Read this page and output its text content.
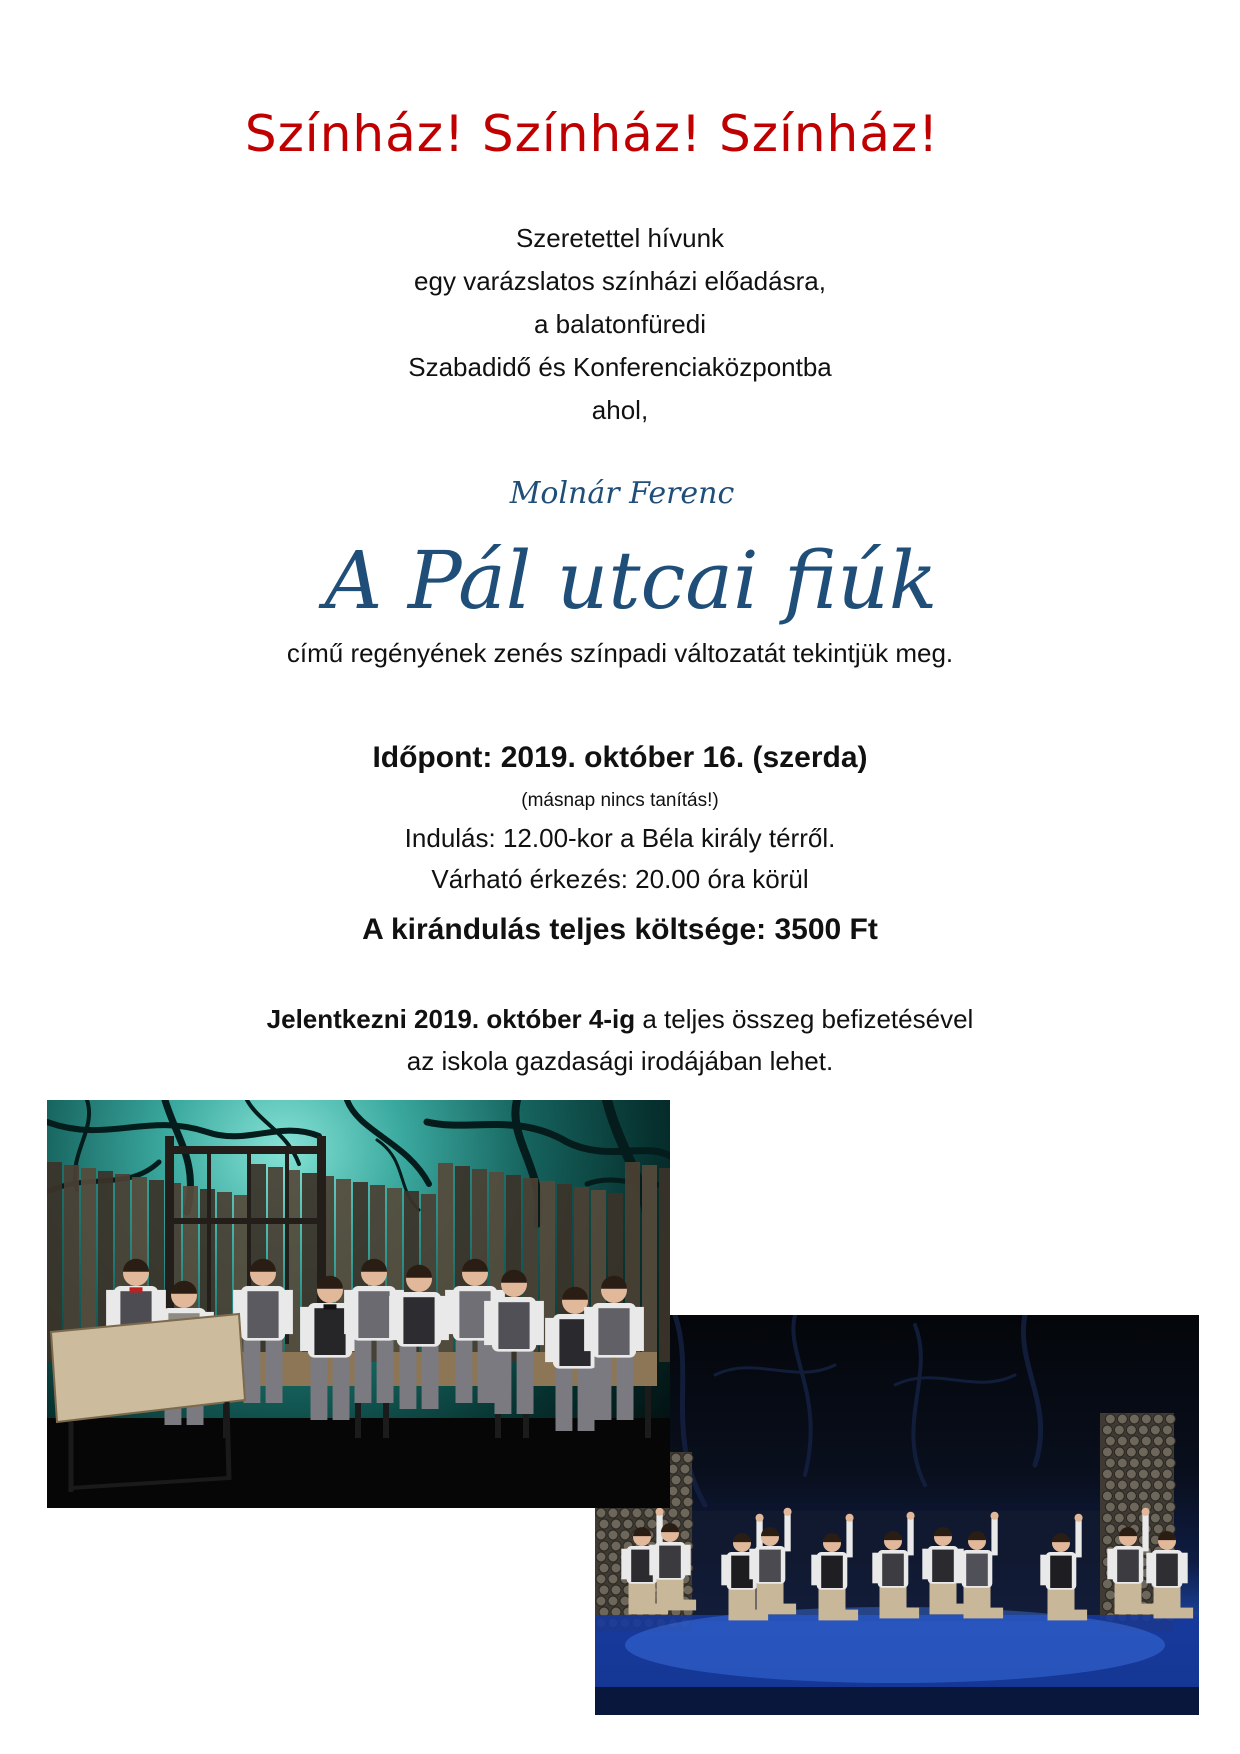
Színház! Színház! Színház!
Szeretettel hívunk
egy varázslatos színházi előadásra,
a balatonfüredi
Szabadidő és Konferenciaközpontba
ahol,
Molnár Ferenc
A Pál utcai fiúk
című regényének zenés színpadi változatát tekintjük meg.
Időpont: 2019. október 16. (szerda)
(másnap nincs tanítás!)
Indulás: 12.00-kor a Béla király térről.
Várható érkezés: 20.00 óra körül
A kirándulás teljes költsége: 3500 Ft
Jelentkezni 2019. október 4-ig a teljes összeg befizetésével
az iskola gazdasági irodájában lehet.
